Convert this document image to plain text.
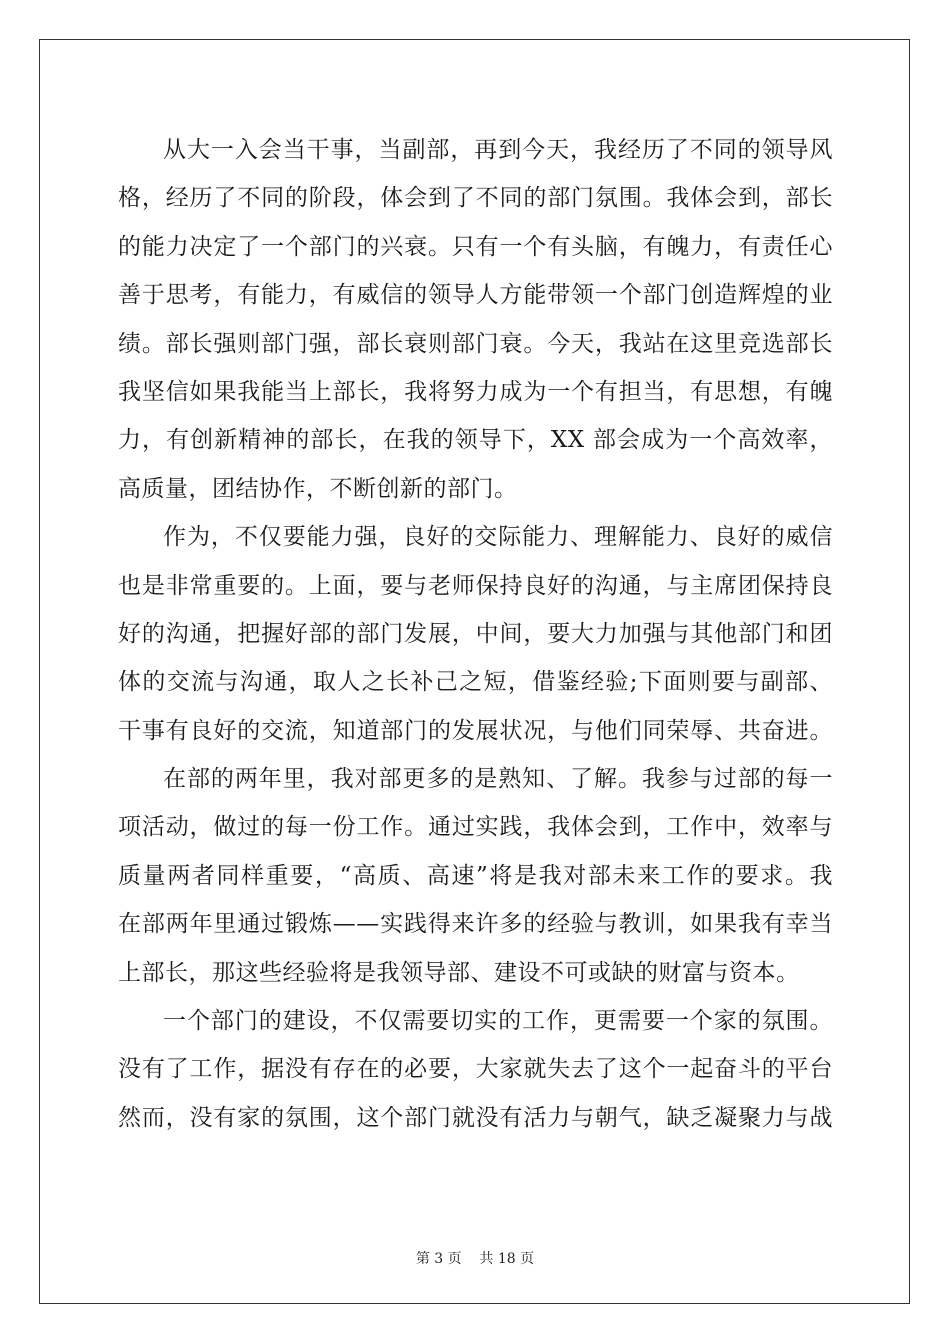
从大一入会当干事，当副部，再到今天，我经历了不同的领导风
格，经历了不同的阶段，体会到了不同的部门氛围。我体会到，部长
的能力决定了一个部门的兴衰。只有一个有头脑，有魄力，有责任心
善于思考，有能力，有威信的领导人方能带领一个部门创造辉煌的业
绩。部长强则部门强，部长衰则部门衰。今天，我站在这里竞选部长
我坚信如果我能当上部长，我将努力成为一个有担当，有思想，有魄
力，有创新精神的部长，在我的领导下，XX 部会成为一个高效率，
高质量，团结协作，不断创新的部门。
作为，不仅要能力强，良好的交际能力、理解能力、良好的威信
也是非常重要的。上面，要与老师保持良好的沟通，与主席团保持良
好的沟通，把握好部的部门发展，中间，要大力加强与其他部门和团
体的交流与沟通，取人之长补己之短，借鉴经验;下面则要与副部、
干事有良好的交流，知道部门的发展状况，与他们同荣辱、共奋进。
在部的两年里，我对部更多的是熟知、了解。我参与过部的每一
项活动，做过的每一份工作。通过实践，我体会到，工作中，效率与
质量两者同样重要，“高质、高速”将是我对部未来工作的要求。我
在部两年里通过锻炼——实践得来许多的经验与教训，如果我有幸当
上部长，那这些经验将是我领导部、建设不可或缺的财富与资本。
一个部门的建设，不仅需要切实的工作，更需要一个家的氛围。
没有了工作，据没有存在的必要，大家就失去了这个一起奋斗的平台
然而，没有家的氛围，这个部门就没有活力与朝气，缺乏凝聚力与战
第 3 页    共 18 页
